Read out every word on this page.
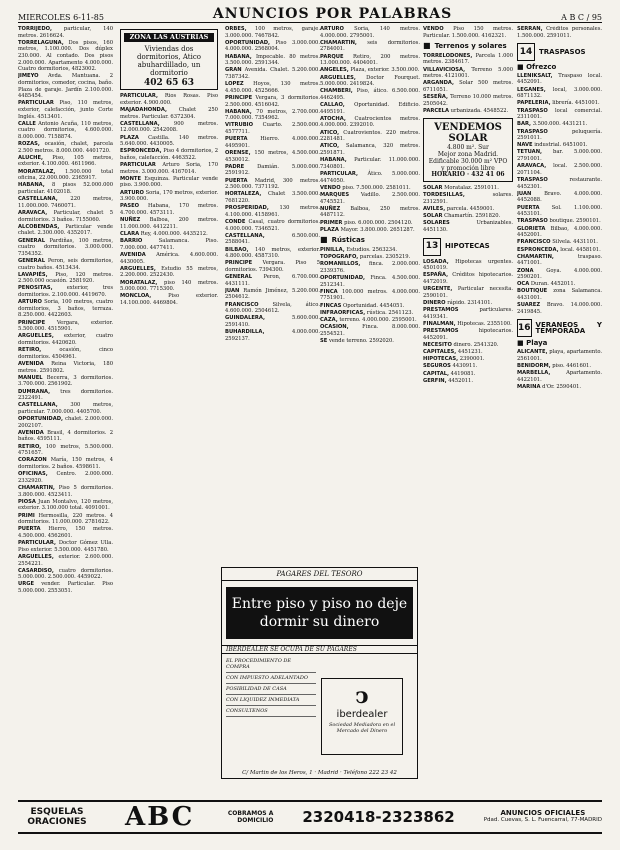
MIERCOLES 6-11-85	ANUNCIOS POR PALABRAS	A B C / 95

TORRIJEDO, particular, 140 metros. 2616624.

TORRELAGUNA, Dos pisos, 160 metros, 1.100.000. Dos dúplex 230.000. Al contado. Dos pisos 2.000.000. Apartamento 4.000.000. Cuatro dormitorios, 4823002.

JIMEYO Avda. Mantuana. 2 dormitorios, comedor, cocina, baño. Plaza de garaje. Jardín 2.100.000. 4485454.

PARTICULAR Piso, 110 metros, exterior, calefacción, junto Corte Inglés. 4513401.

CALLE Antonio Acuña, 110 metros, cuatro dormitorios, 4.600.000. 8.000.000. 7158874.

ROZAS, ocasión, chalet, parcela 2.500 metros. 8.000.000. 4401720.

ALUCHE, Piso, 105 metros, exterior. 4.100.000. 4611966.

MORATALAZ, 1.500.000 total oficina, 22.000.000. 2365917.

HABANA, 8 pisos 52.000.000 particular. 4102018.

CASTELLANA, 220 metros, 11.000.000. 7460071.

ARAVACA, Particular, chalet 5 dormitorios. 3 baños. 7155060.

ALCOBENDAS, Particular vende chalet. 2.300.000. 4352017.

GENERAL Pardiñas, 100 metros, cuatro dormitorios. 3.000.000. 7354352.

GENERAL Peron, seis dormitorios, cuatro baños. 4513434.

LAVAPIÉS, Piso, 120 metros. 2.500.000 ocasión. 2581920.

PENOSITAS,	exterior, tres dormitorios. 2.100.000. 4419670.

ARTURO Soria, 100 metros, cuatro dormitorios, 3 baños, terraza. 8.250.000. 4422603.

PRINCIPE Vergara, exterior. 5.500.000. 4515901.

ARGUELLES, exterior, cuatro dormitorios. 4420620.

RETIRO,	ocasión, cinco dormitorios. 4504961.

AVENIDA Reina Victoria, 180 metros. 2591802.

MANUEL Becerra, 3 dormitorios. 3.700.000. 2561902.

DUMRANA, tres dormitorios. 2322491.

CASTELLANA, 300 metros, particular. 7.000.000. 4405700.

OPORTUNIDAD, chalet. 2.000.000. 2002107.

AVENIDA Brasil, 4 dormitorios. 2 baños. 4595111.

RETIRO, 100 metros, 5.500.000. 4751657.

CORAZON María, 150 metros, 4 dormitorios. 2 baños. 4598611.

OFICINAS, Centro. 2.000.000. 2332920.

CHAMARTIN, Piso 5 dormitorios. 3.800.000. 4523411.

PIOSA Juan Montalvo, 120 metros, exterior. 3.100.000 total. 4091001.

PRIMI Hermosilla, 220 metros. 4 dormitorios. 11.000.000. 2781622.

PUERTA Hierro, 150 metros. 4.500.000. 4562601.

PARTICULAR, Doctor Gómez Ulla. Piso exterior. 5.500.000. 4451780.

ARGUELLES, exterior. 2.600.000. 2554221.

CASARDISO, cuatro dormitorios. 5.000.000. 2.500.000. 4459022.

URGE vender. Particular. Piso 5.000.000. 2553051.

ZONA LAS AUSTRIAS
Viviendas dos dormitorios, Atico abuhardillado, un dormitorio
402 65 63

PARTICULAR, Rios Rosas. Piso exterior. 4.900.000.

MAJADAHONDA, Chalet 250 metros. Particular. 6372304.

CASTELLANA,	900 metros. 12.000.000. 2542008.

PLAZA Castilla. 140 metros. 5.640.000. 4430005.

ESPRONCEDA, Piso 4 dormitorios, 2 baños, calefacción. 4463522.

PARTICULAR Arturo Soria, 170 metros. 3.000.000. 4167014.

MONTE Esquinza. Particular vende piso. 3.900.000.

ARTURO Soria, 170 metros, exterior. 3.900.000.

PASEO Habana, 170 metros. 4.700.000. 4573111.

NUÑEZ Balboa, 200 metros. 11.000.000. 4412211.

CLARA Rey, 4.000.000. 4435212.

BARRIO	Salamanca. Piso. 7.000.000. 4477411.

AVENIDA América. 4.600.000. 4430005.

ARGUELLES, Estudio 55 metros, 2.200.000. 2522430.

MORATALAZ, piso 140 metros. 5.000.000. 7715300.

MONCLOA,	Piso exterior. 14.100.000. 4469804.

ORBES, 100 metros, garaje. 3.000.000. 7467842.

OPORTUNIDAD, Piso 3.000.000. 4.000.000. 2568004.

HABANA, Impecable. 80 metros. 3.500.000. 2591344.

GRAN Avenida. Chalet. 5.200.000. 7387342.

LOPEZ Hoyos, 130 metros. 4.450.000. 4525666.

PRINCIPE Vergara, 3 dormitorios. 2.500.000. 4516042.

HABANA, 70 metros, 2.700.000. 7.000.000. 7354962.

VITRUBIO Cuarto. 2.500.000. 4577711.

PUERTA Hierro. 4.000.000. 4495901.

ORENSE, 150 metros, 4.500.000. 4530012.

PADRE Damián. 5.000.000. 2591912.

PUERTA Madrid, 300 metros. 2.500.000. 7371192.

HORTALEZA, Chalet 3.500.000. 7681220.

PROSPERIDAD, 130 metros. 4.100.000. 4158961.

CONDE Casal, cuatro dormitorios. 4.000.000. 7346521.

CASTELLANA,	6.500.000. 2588041.

BILBAO, 140 metros, exterior. 4.800.000. 4587310.

PRINCIPE Vergara. Piso 5 dormitorios. 7394300.

GENERAL Peron, 6.700.000. 4431111.

JUAN Ramón Jiménez, 5.200.000. 2504612.

FRANCISCO	Silvela, ático. 4.600.000. 2504612.

GUINDALERA,	5.600.000. 2591410.

BUHARDILLA,	4.000.000. 2592137.

ARTURO Soria, 140 metros. 4.000.000. 2795001.

CHAMARTIN, seis dormitorios. 2784001.

PARQUE Retiro, 200 metros. 13.000.000. 4404001.

ANGELES, Plaza, exterior. 3.500.000.

ARGUELLES, Doctor Fourquet. 5.000.000. 2419824.

CHAMBERI, Piso, ático. 6.500.000. 4462495.

CALLAO, Oportunidad. Edificio. 4495191.

ATOCHA, Cuatrocientos metros. 4.000.000. 2392010.

ATICO, Cuatrovientos. 220 metros. 2281481.

ATICO, Salamanca, 320 metros. 2591871.

HABANA, Particular. 11.000.000. 7340801.

PARTICULAR, Ático. 5.000.000. 4474050.

VENDO piso. 7.500.000. 2581011.

MARQUES Vadillo. 2.500.000. 4745521.

NUÑEZ Balboa, 250 metros. 4487112.

PRIMER piso. 6.000.000. 2504120.

PLAZA Mayor. 3.800.000. 2651287.

■ Rústicas

PINILLA, Estudios. 2563234.

TOPOGRAFO, parcelas. 2305219.

ROMANILLOS, finca. 2.000.000. 2339376.

OPORTUNIDAD, Finca. 4.500.000. 2512341.

FINCA 100.000 metros. 4.000.000. 7751901.

FINCAS Oportunidad. 4454051.

INFRAORFICAS, rústica. 2541123.

CAZA, terreno. 4.000.000. 2595001.

OCASION,	Finca. 8.000.000. 2554521.

SE vende terreno. 2592020.

VENDO Piso 150 metros. Particular. 1.500.000. 4162321.

■ Terrenos y solares

TORRELODONES, Parcela 1.000 metros. 2384617.

VILLAVICIOSA, Terreno 5.000 metros. 4121001.

ARGANDA, Solar 500 metros. 6711051.

SESEÑA, Terreno 10.000 metros. 2505042.

PARCELA urbanizada. 4548522.

VENDEMOS SOLAR
4.800 m². Sur
Mejor zona Madrid.
Edificable 30.000 m² VPO y promoción libre
HORARIO · 432 41 06

SOLAR Moratalaz. 2591011.

TORDESILLAS,	solares. 2312591.

AVILES, parcela. 4459001.

SOLAR Chamartín. 2591820.

SOLARES	Urbanizables. 4451130.

13 HIPOTECAS

LOSADA, Hipotecas urgentes. 4501019.

ESPAÑA, Créditos hipotecarios. 4472019.

URGENTE, Particular necesita. 2590101.

DINERO rápido. 2314101.

PRESTAMOS	particulares. 4419341.

FINALMAN, Hipotecas. 2355100.

PRESTAMOS	hipotecarios. 4452091.

NECESITO dinero. 2541320.

CAPITALES, 4451231.

HIPOTECAS, 2390001.

SEGUROS 4430911.

CAPITAL, 4419081.

GERFIN, 4452011.

SERRAN, Créditos personales. 1.500.000. 2591011.

14 TRASPASOS
■ Ofrezco

LLENIKSALT, Traspaso local. 4452091.

LEGANES, local, 3.000.000. 6871132.

PAPELERIA, librería. 4451001.

TRASPASO local comercial. 2311001.

BAR, 3.500.000. 4431211.

TRASPASO	peluquería. 2591011.

NAVE industrial. 6451001.

TETUAN, bar. 5.000.000. 2791001.

ARAVACA, local. 2.500.000. 2071104.

TRASPASO	restaurante. 4452301.

JUAN Bravo. 4.000.000. 4452088.

PUERTA Sol. 1.100.000. 4453101.

TRASPASO boutique. 2590101.

GLORIETA Bilbao, 4.000.000. 4452001.

FRANCISCO Silvela. 4431101.

ESPRONCEDA, local. 4458101.

CHAMARTIN,	traspaso. 4471001.

ZONA Goya. 4.000.000. 2590201.

OCA Duran. 4452011.

BOUTIQUE zona Salamanca. 4431001.

SUAREZ Bravo. 14.000.000. 2419845.

16 VERANEOS Y TEMPORADA
■ Playa

ALICANTE, playa, apartamento. 2561001.

BENIDORM, piso. 4461601.

MARBELLA,	Apartamento. 4422101.

MARINA d'Or. 2590401.

PAGARES DEL TESORO
Entre piso y piso no deje dormir su dinero
IBERDEALER SE OCUPA DE SU PAGARES
EL PROCEDIMIENTO DE COMPRA
CON IMPUESTO ADELANTADO
POSIBILIDAD DE CASA
CON LIQUIDEZ INMEDIATA
CONSULTENOS
ↄ
iberdealer
Sociedad Mediadora en el Mercado del Dinero
C/ Martin de los Heros, 1 · Madrid · Teléfono 222 23 42
ESQUELAS ORACIONES	ABC	COBRAMOS A DOMICILIO 2320418-2323862	ANUNCIOS OFICIALES
Pdad. Cuevas, S. L. Fuencarral, 77-MADRID
